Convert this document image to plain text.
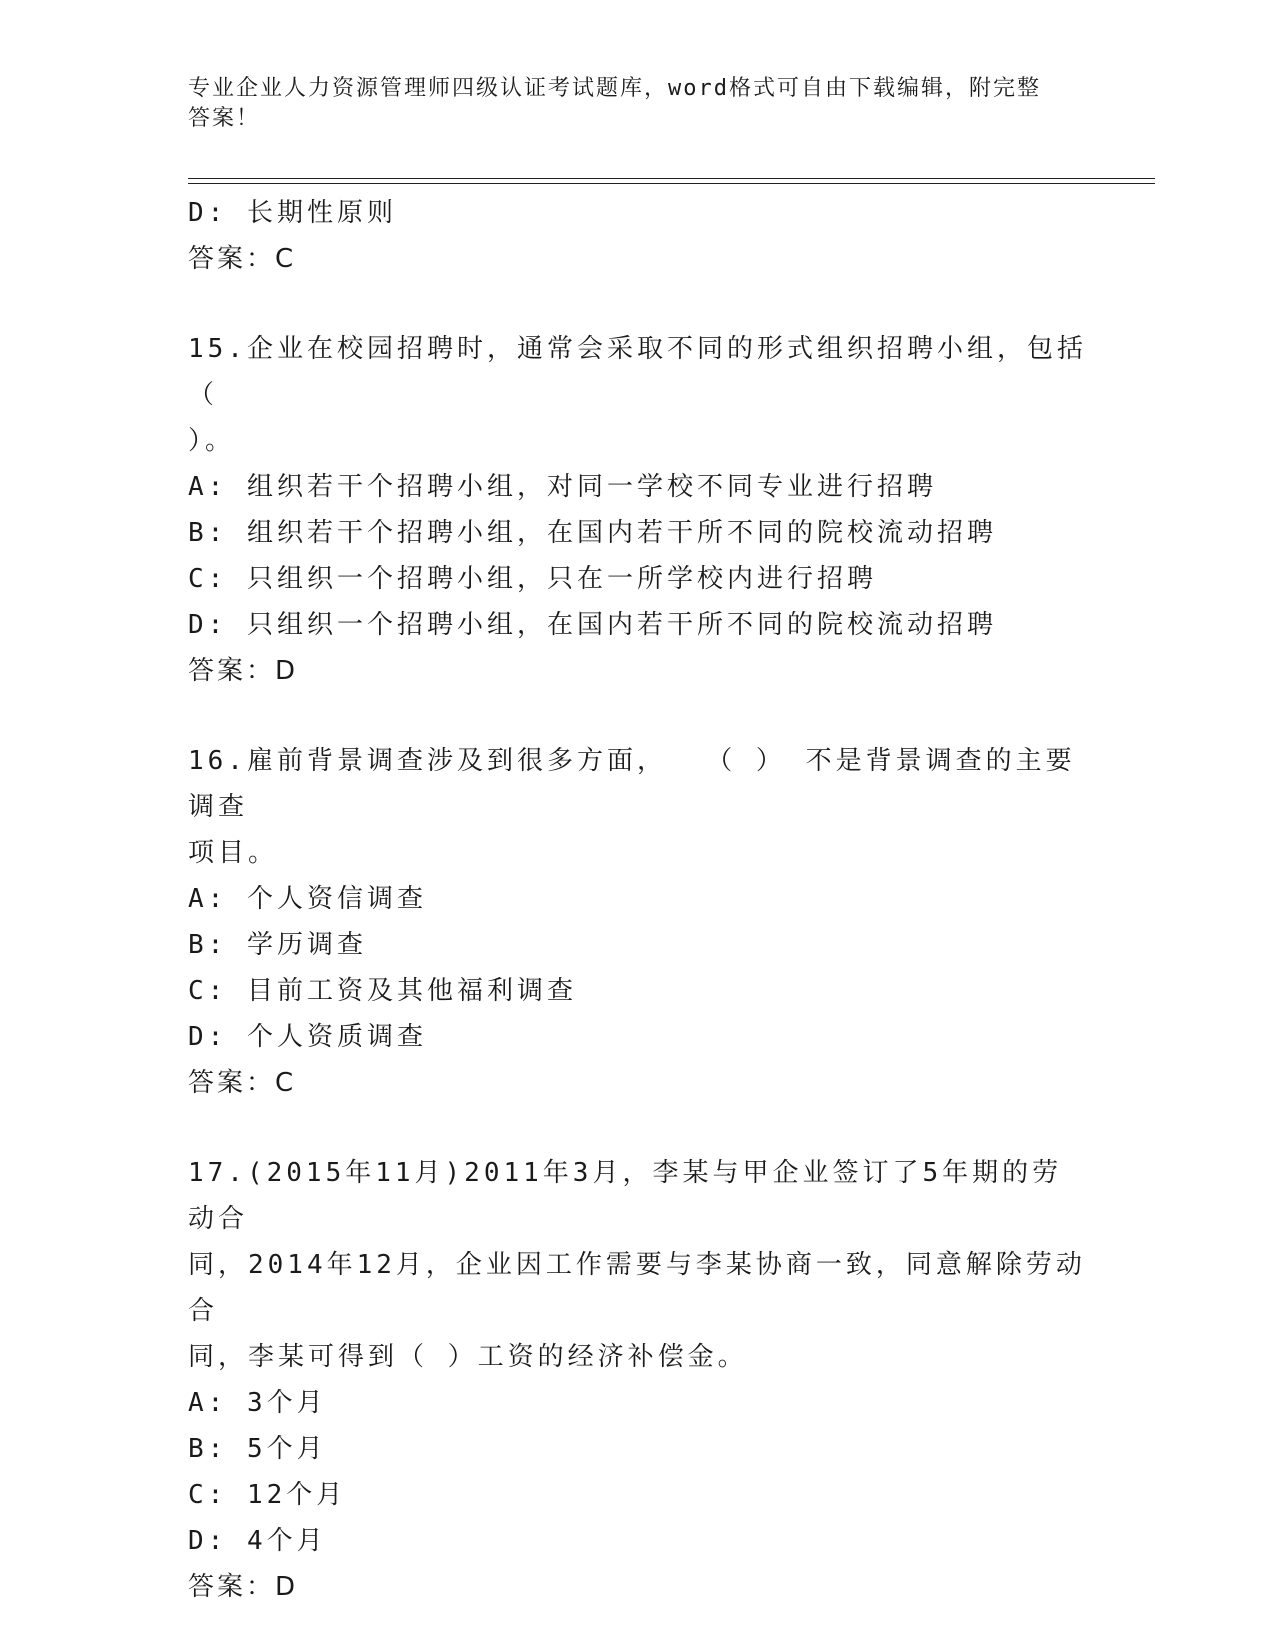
专业企业人力资源管理师四级认证考试题库，word格式可自由下载编辑，附完整
答案！
D: 长期性原则
答案：C
15.企业在校园招聘时，通常会采取不同的形式组织招聘小组，包括（
）。
A: 组织若干个招聘小组，对同一学校不同专业进行招聘
B: 组织若干个招聘小组，在国内若干所不同的院校流动招聘
C: 只组织一个招聘小组，只在一所学校内进行招聘
D: 只组织一个招聘小组，在国内若干所不同的院校流动招聘
答案：D
16.雇前背景调查涉及到很多方面，  （ ） 不是背景调查的主要调查
项目。
A: 个人资信调查
B: 学历调查
C: 目前工资及其他福利调查
D: 个人资质调查
答案：C
17.(2015年11月)2011年3月，李某与甲企业签订了5年期的劳动合
同，2014年12月，企业因工作需要与李某协商一致，同意解除劳动合
同，李某可得到（ ）工资的经济补偿金。
A: 3个月
B: 5个月
C: 12个月
D: 4个月
答案：D
